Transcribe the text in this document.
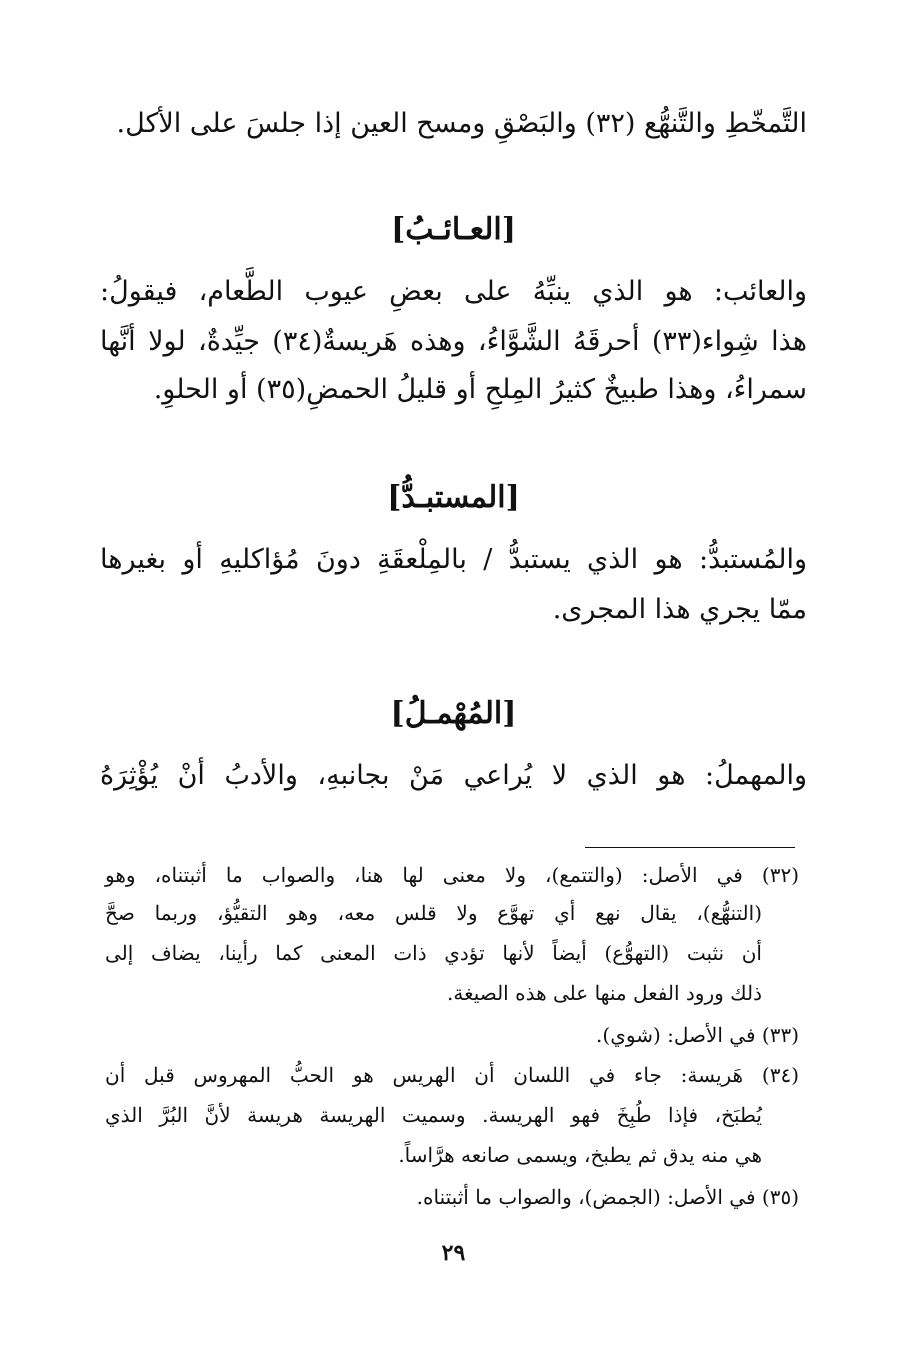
التَّمخّطِ والتَّنهُّع (٣٢) والبَصْقِ ومسح العين إذا جلسَ على الأكل.
[العـائـبُ]
والعائب: هو الذي ينبِّهُ على بعضِ عيوب الطَّعام، فيقولُ:
هذا شِواء(٣٣) أحرقَهُ الشَّوَّاءُ، وهذه هَريسةٌ(٣٤) جيِّدةٌ، لولا أنَّها
سمراءُ، وهذا طبيخٌ كثيرُ المِلحِ أو قليلُ الحمضِ(٣٥) أو الحلوِ.
[المستبـدُّ]
والمُستبدُّ: هو الذي يستبدُّ / بالمِلْعقَةِ دونَ مُؤاكليهِ أو بغيرها
ممّا يجري هذا المجرى.
[المُهْمـلُ]
والمهملُ: هو الذي لا يُراعي مَنْ بجانبهِ، والأدبُ أنْ يُؤْثِرَهُ
(٣٢) في الأصل: (والتتمع)، ولا معنى لها هنا، والصواب ما أثبتناه، وهو
(التنهُّع)، يقال نهع أي تهوَّع ولا قلس معه، وهو التقيُّؤ، وربما صحَّ
أن نثبت (التهوُّع) أيضاً لأنها تؤدي ذات المعنى كما رأينا، يضاف إلى
ذلك ورود الفعل منها على هذه الصيغة.
(٣٣) في الأصل: (شوي).
(٣٤) هَريسة: جاء في اللسان أن الهريس هو الحبُّ المهروس قبل أن
يُطبَخ، فإذا طُبِخَ فهو الهريسة. وسميت الهريسة هريسة لأنَّ البُرَّ الذي
هي منه يدق ثم يطبخ، ويسمى صانعه هرَّاساً.
(٣٥) في الأصل: (الجمض)، والصواب ما أثبتناه.
٢٩
